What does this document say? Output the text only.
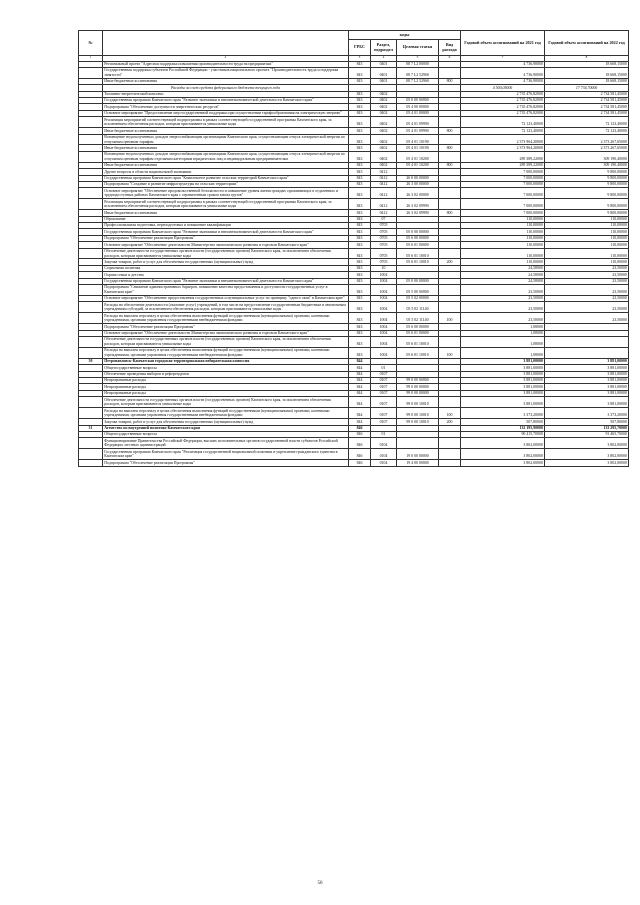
№		коды				Годовой объем ассигнований на 2021 год	Годовой объем ассигнований на 2022 год
		ГРБС	Раздел, подраздел	Целевая статья	Вид расхода		
1	2	3	4	5	6	7	8
	Региональный проект "Адресная поддержка повышения производительности труда на предприятиях"	843	0401	08 7 L2 00000		4 736,90000	18 668,15000
	Государственная поддержка субъектов Российской Федерации - участников национального проекта "Производительность труда и поддержка занятости"	843	0401	08 7 L2 52960		4 736,90000	18 668,15000
	Иные бюджетные ассигнования	843	0401	08 7 L2 52960	800	4 736,90000	18 668,15000
	Расходы за счет средств федерального бюджета текущего года					4 500,05000	17 734,70000
	Топливно-энергетический комплекс	843	0402			2 735 476,82000	2 734 581,45000
	Государственная программа Камчатского края "Развитие экономики и внешнеэкономической деятельности Камчатского края"	843	0402	05 0 00 00000		2 735 476,82000	2 734 581,45000
	Подпрограмма "Обеспечение доступности энергетических ресурсов"	843	0402	05 4 00 00000		2 735 476,82000	2 734 581,45000
	Основное мероприятие "Предоставление мер государственной поддержки при осуществлении тарифообразования на электрическую энергию"	843	0402	05 4 01 00000		2 735 476,82000	2 734 581,45000
	Реализация мероприятий соответствующей подпрограммы в рамках соответствующей государственной программы Камчатского края, за исключением обеспечения расходов, которым присваиваются уникальные коды	843	0402	05 4 01 09990		72 123,40000	72 123,40000
	Иные бюджетные ассигнования	843	0402	05 4 01 09990	800	72 123,40000	72 123,40000
	Возмещение недополученных доходов энергоснабжающим организациям Камчатского края, осуществляющим отпуск электрической энергии по отпускным ценовым тарифам	843	0402	05 4 01 10190		2 373 964,20000	2 373 267,65000
	Иные бюджетные ассигнования	843	0402	05 4 01 10190	800	2 373 964,20000	2 373 267,65000
	Возмещение недополученных доходов энергоснабжающим организациям Камчатского края, осуществляющим отпуск электрической энергии по отпускным ценовым тарифам отдельным категориям юридических лиц и индивидуальным предпринимателям	843	0402	05 4 01 10200		289 389,22000	309 190,40000
	Иные бюджетные ассигнования	843	0402	05 4 01 10200	800	289 389,22000	309 190,40000
	Другие вопросы в области национальной экономики	843	0412			7 000,00000	9 800,00000
	Государственная программа Камчатского края "Комплексное развитие сельских территорий Камчатского края"	843	0412	26 0 00 00000		7 000,00000	9 800,00000
	Подпрограмма "Создание и развитие инфраструктуры на сельских территориях"	843	0412	26 3 00 00000		7 000,00000	9 800,00000
	Основное мероприятие "Обеспечение продовольственной безопасности и повышение уровня жизни граждан, проживающих в отдаленных и труднодоступных районах Камчатского края с ограниченным сроком завоза грузов"	843	0412	26 3 02 00000		7 000,00000	9 800,00000
	Реализация мероприятий соответствующей подпрограммы в рамках соответствующей государственной программы Камчатского края, за исключением обеспечения расходов, которым присваиваются уникальные коды	843	0412	26 3 02 09990		7 000,00000	9 800,00000
	Иные бюджетные ассигнования	843	0412	26 3 02 09990	800	7 000,00000	9 800,00000
	Образование	843	07			110,00000	110,00000
	Профессиональная подготовка, переподготовка и повышение квалификации	843	0705			110,00000	110,00000
	Государственная программа Камчатского края "Развитие экономики и внешнеэкономической деятельности Камчатского края"	843	0705	05 0 00 00000		110,00000	110,00000
	Подпрограмма "Обеспечение реализации Программы"	843	0705	05 6 00 00000		110,00000	110,00000
	Основное мероприятие "Обеспечение деятельности Министерства экономического развития и торговли Камчатского края"	843	0705	05 6 01 00000		110,00000	110,00000
	Обеспечение деятельности государственных органов власти (государственных органов) Камчатского края, за исключением обеспечения расходов, которым присваиваются уникальные коды	843	0705	05 6 01 10010		110,00000	110,00000
	Закупка товаров, работ и услуг для обеспечения государственных (муниципальных) нужд	843	0705	05 6 01 10010	200	110,00000	110,00000
	Социальная политика	843	10			24,58000	23,50000
	Охрана семьи и детства	843	1004			24,58000	23,50000
	Государственная программа Камчатского края "Развитие экономики и внешнеэкономической деятельности Камчатского края"	843	1004	05 0 00 00000		24,58000	23,50000
	Подпрограмма "Снижение административных барьеров, повышение качества предоставления и доступности государственных услуг в Камчатском крае"	843	1004	05 5 00 00000		23,50000	23,50000
	Основное мероприятие "Обеспечение предоставления государственных и муниципальных услуг по принципу "одного окна" в Камчатском крае"	843	1004	05 5 02 00000		23,50000	23,50000
	Расходы на обеспечение деятельности (оказание услуг) учреждений, в том числе на предоставление государственным бюджетным и автономным учреждениям субсидий, за исключением обеспечения расходов, которым присваиваются уникальные коды	843	1004	05 5 02 11140		23,50000	23,50000
	Расходы на выплаты персоналу в целях обеспечения выполнения функций государственными (муниципальными) органами, казенными учреждениями, органами управления государственными внебюджетными фондами	843	1004	05 5 02 11140	100	23,50000	23,50000
	Подпрограмма "Обеспечение реализации Программы"	843	1004	05 6 00 00000		1,08000	
	Основное мероприятие "Обеспечение деятельности Министерства экономического развития и торговли Камчатского края"	843	1004	05 6 01 00000		1,08000	
	Обеспечение деятельности государственных органов власти (государственных органов) Камчатского края, за исключением обеспечения расходов, которым присваиваются уникальные коды	843	1004	05 6 01 10010		1,08000	
	Расходы на выплаты персоналу в целях обеспечения выполнения функций государственными (муниципальными) органами, казенными учреждениями, органами управления государственными внебюджетными фондами	843	1004	05 6 01 10010	100	1,08000	
30	Петропавловск-Камчатская городская территориальная избирательная комиссия	844				3 881,00000	3 881,00000
	Общегосударственные вопросы	844	01			3 881,00000	3 881,00000
	Обеспечение проведения выборов и референдумов	844	0107			3 881,00000	3 881,00000
	Непрограммные расходы	844	0107	99 0 00 00000		3 881,00000	3 881,00000
	Непрограммные расходы	844	0107	99 0 00 00000		3 881,00000	3 881,00000
	Непрограммные расходы	844	0107	99 0 00 00000		3 881,00000	3 881,00000
	Обеспечение деятельности государственных органов власти (государственных органов) Камчатского края, за исключением обеспечения расходов, которым присваиваются уникальные коды	844	0107	99 0 00 10010		3 881,00000	3 881,00000
	Расходы на выплаты персоналу в целях обеспечения выполнения функций государственными (муниципальными) органами, казенными учреждениями, органами управления государственными внебюджетными фондами	844	0107	99 0 00 10010	100	3 373,20000	3 373,20000
	Закупка товаров, работ и услуг для обеспечения государственных (муниципальных) нужд	844	0107	99 0 00 10010	200	507,80000	507,80000
31	Агентство по внутренней политике Камчатского края	846				132 195,90000	133 295,70000
	Общегосударственные вопросы	846	01			90 415,70000	91 465,70000
	Функционирование Правительства Российской Федерации, высших исполнительных органов государственной власти субъектов Российской Федерации, местных администраций	846	0104			3 802,00000	3 802,00000
	Государственная программа Камчатского края "Реализация государственной национальной политики и укрепление гражданского единства в Камчатском крае"	846	0104	19 0 00 00000		3 802,00000	3 802,00000
	Подпрограмма "Обеспечение реализации Программы"	846	0104	19 4 00 00000		3 802,00000	3 802,00000
56
